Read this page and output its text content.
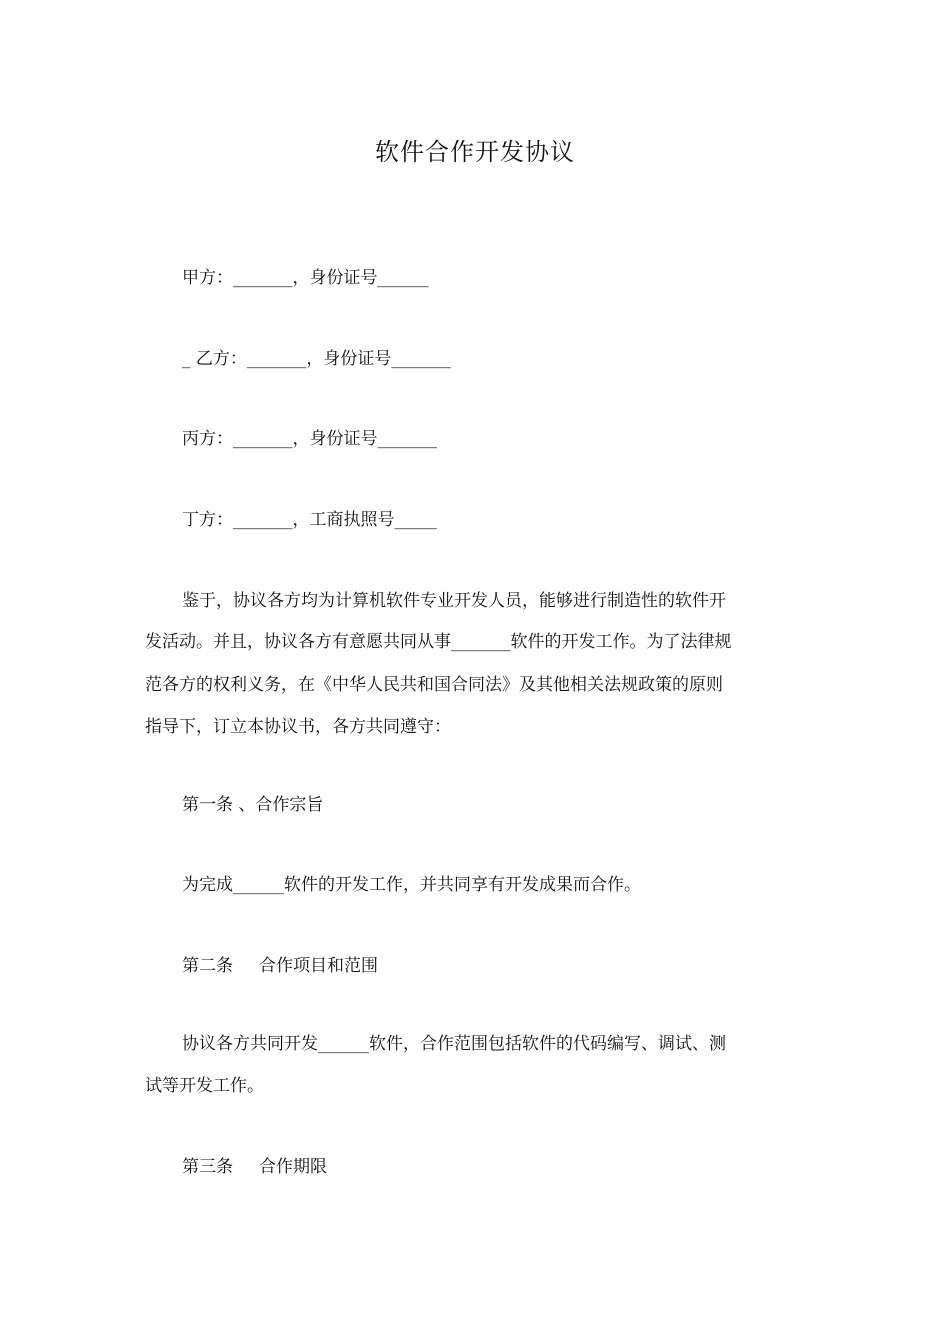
软件合作开发协议
甲方：_______，身份证号______
_ 乙方：_______，身份证号_______
丙方：_______，身份证号_______
丁方：_______，工商执照号_____
鉴于，协议各方均为计算机软件专业开发人员，能够进行制造性的软件开
发活动。并且，协议各方有意愿共同从事_______软件的开发工作。为了法律规
范各方的权利义务，在《中华人民共和国合同法》及其他相关法规政策的原则
指导下，订立本协议书，各方共同遵守：
第一条 、合作宗旨
为完成______软件的开发工作，并共同享有开发成果而合作。
第二条 合作项目和范围
协议各方共同开发______软件，合作范围包括软件的代码编写、调试、测
试等开发工作。
第三条 合作期限
